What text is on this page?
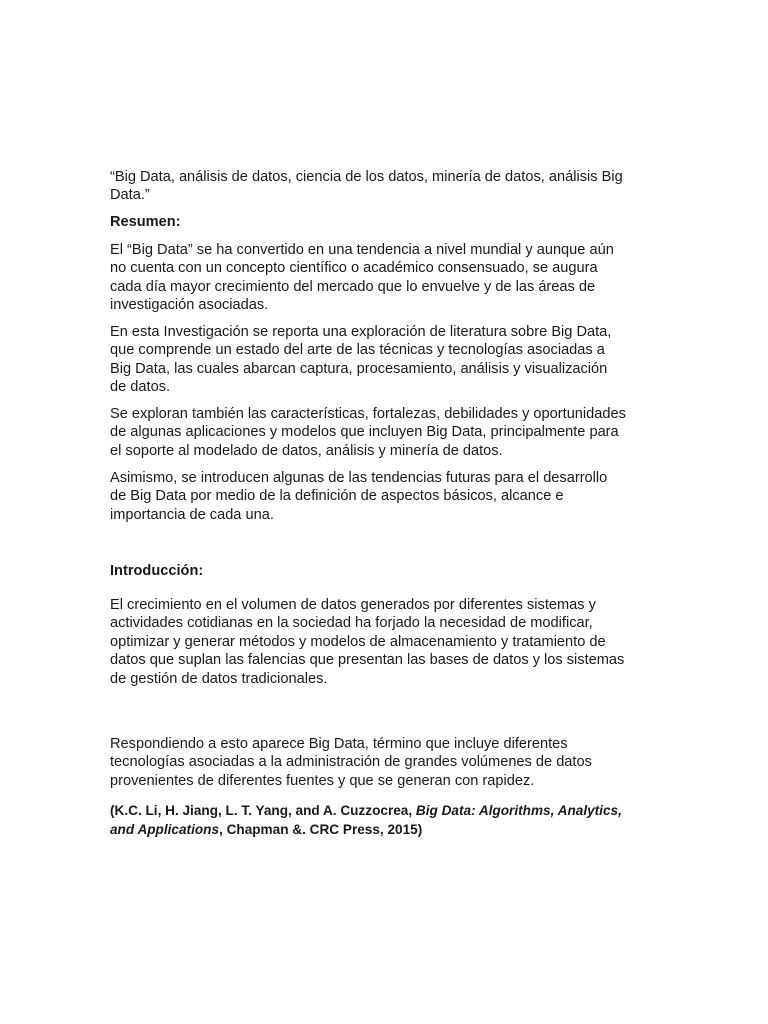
“Big Data, análisis de datos, ciencia de los datos, minería de datos, análisis Big
Data.”
Resumen:
El “Big Data” se ha convertido en una tendencia a nivel mundial y aunque aún
no cuenta con un concepto científico o académico consensuado, se augura
cada día mayor crecimiento del mercado que lo envuelve y de las áreas de
investigación asociadas.
En esta Investigación se reporta una exploración de literatura sobre Big Data,
que comprende un estado del arte de las técnicas y tecnologías asociadas a
Big Data, las cuales abarcan captura, procesamiento, análisis y visualización
de datos.
Se exploran también las características, fortalezas, debilidades y oportunidades
de algunas aplicaciones y modelos que incluyen Big Data, principalmente para
el soporte al modelado de datos, análisis y minería de datos.
Asimismo, se introducen algunas de las tendencias futuras para el desarrollo
de Big Data por medio de la definición de aspectos básicos, alcance e
importancia de cada una.
Introducción:
El crecimiento en el volumen de datos generados por diferentes sistemas y
actividades cotidianas en la sociedad ha forjado la necesidad de modificar,
optimizar y generar métodos y modelos de almacenamiento y tratamiento de
datos que suplan las falencias que presentan las bases de datos y los sistemas
de gestión de datos tradicionales.
Respondiendo a esto aparece Big Data, término que incluye diferentes
tecnologías asociadas a la administración de grandes volúmenes de datos
provenientes de diferentes fuentes y que se generan con rapidez.
(K.C. Li, H. Jiang, L. T. Yang, and A. Cuzzocrea, Big Data: Algorithms, Analytics,
and Applications, Chapman &. CRC Press, 2015)
